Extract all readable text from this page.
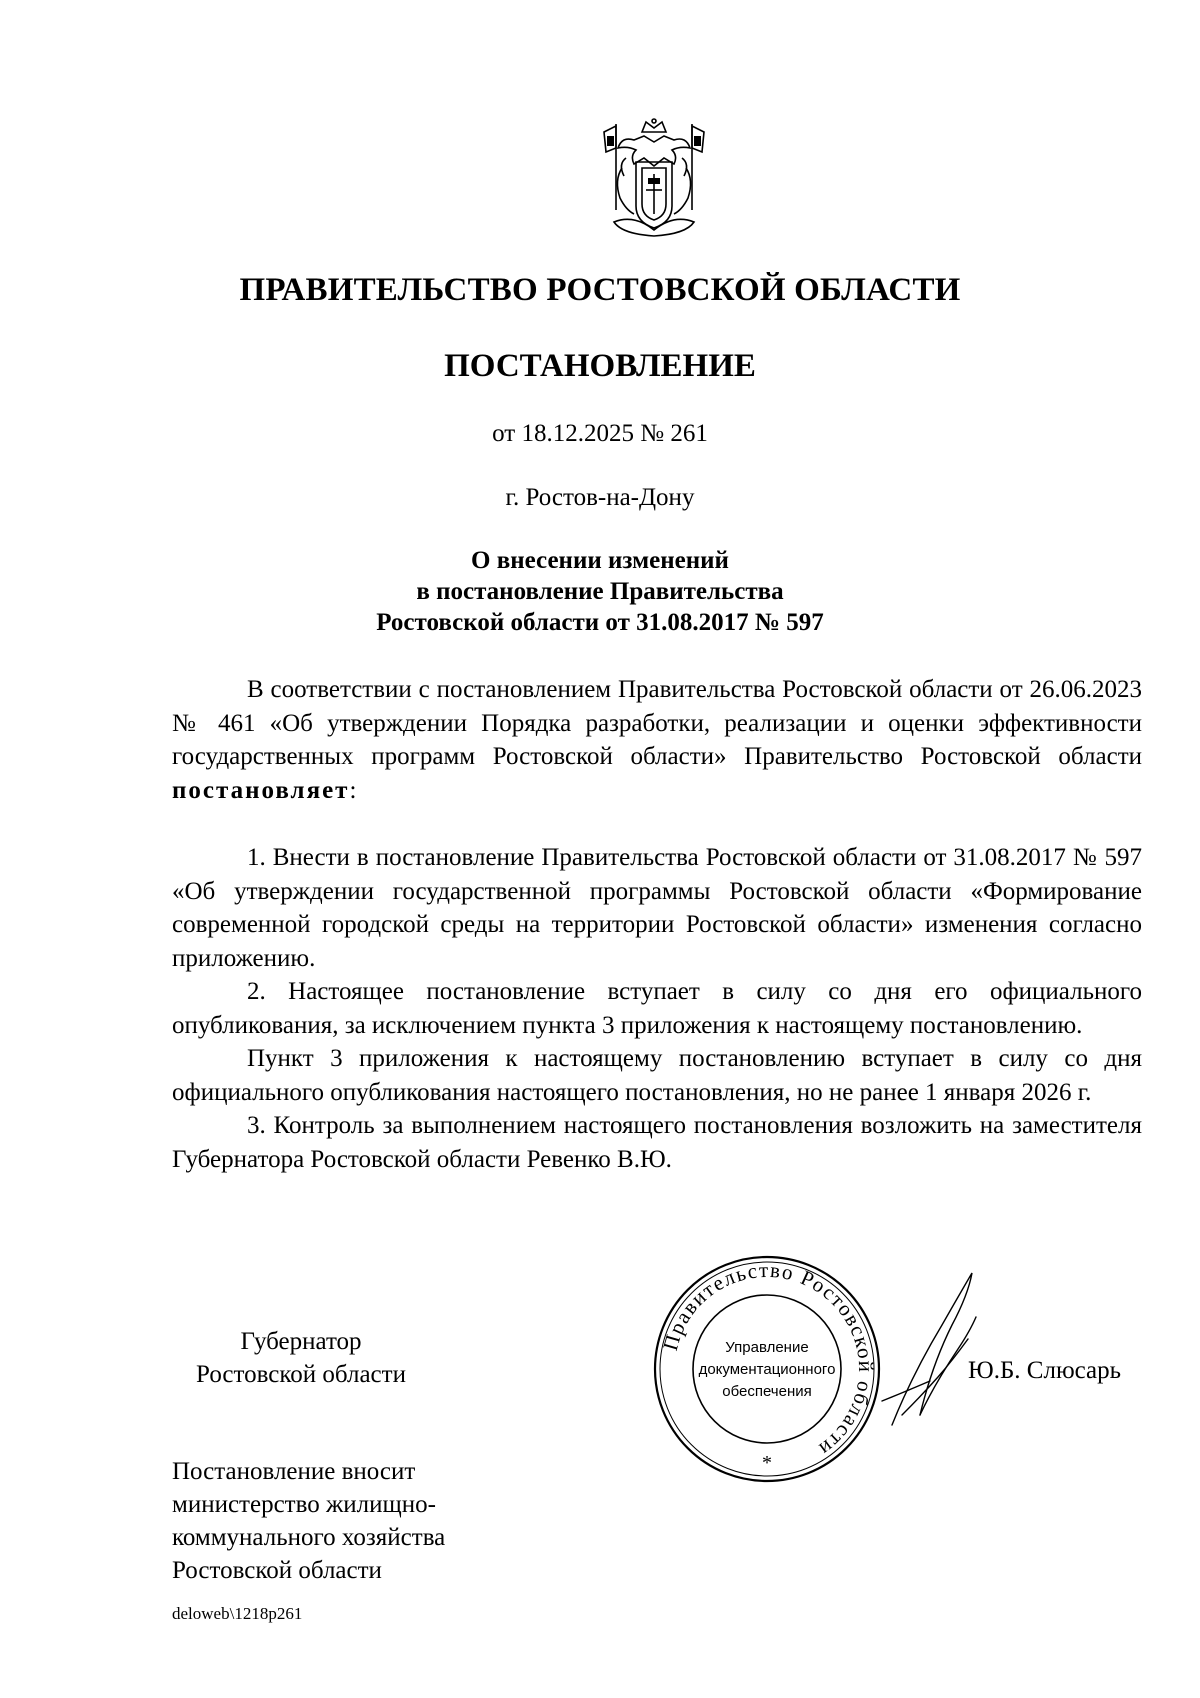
ПРАВИТЕЛЬСТВО РОСТОВСКОЙ ОБЛАСТИ
ПОСТАНОВЛЕНИЕ
от 18.12.2025 № 261
г. Ростов-на-Дону
О внесении изменений
в постановление Правительства
Ростовской области от 31.08.2017 № 597

В соответствии с постановлением Правительства Ростовской области от 26.06.2023 № 461 «Об утверждении Порядка разработки, реализации и оценки эффективности государственных программ Ростовской области» Правительство Ростовской области постановляет:

1. Внести в постановление Правительства Ростовской области от 31.08.2017 № 597 «Об утверждении государственной программы Ростовской области «Формирование современной городской среды на территории Ростовской области» изменения согласно приложению.

2. Настоящее постановление вступает в силу со дня его официального опубликования, за исключением пункта 3 приложения к настоящему постановлению.

Пункт 3 приложения к настоящему постановлению вступает в силу со дня официального опубликования настоящего постановления, но не ранее 1 января 2026 г.

3. Контроль за выполнением настоящего постановления возложить на заместителя Губернатора Ростовской области Ревенко В.Ю.

Губернатор
Ростовской области
Правительство Ростовской области
Управление
документационного
обеспечения
*
Ю.Б. Слюсарь
Постановление вносит
министерство жилищно-
коммунального хозяйства
Ростовской области
deloweb\1218p261
